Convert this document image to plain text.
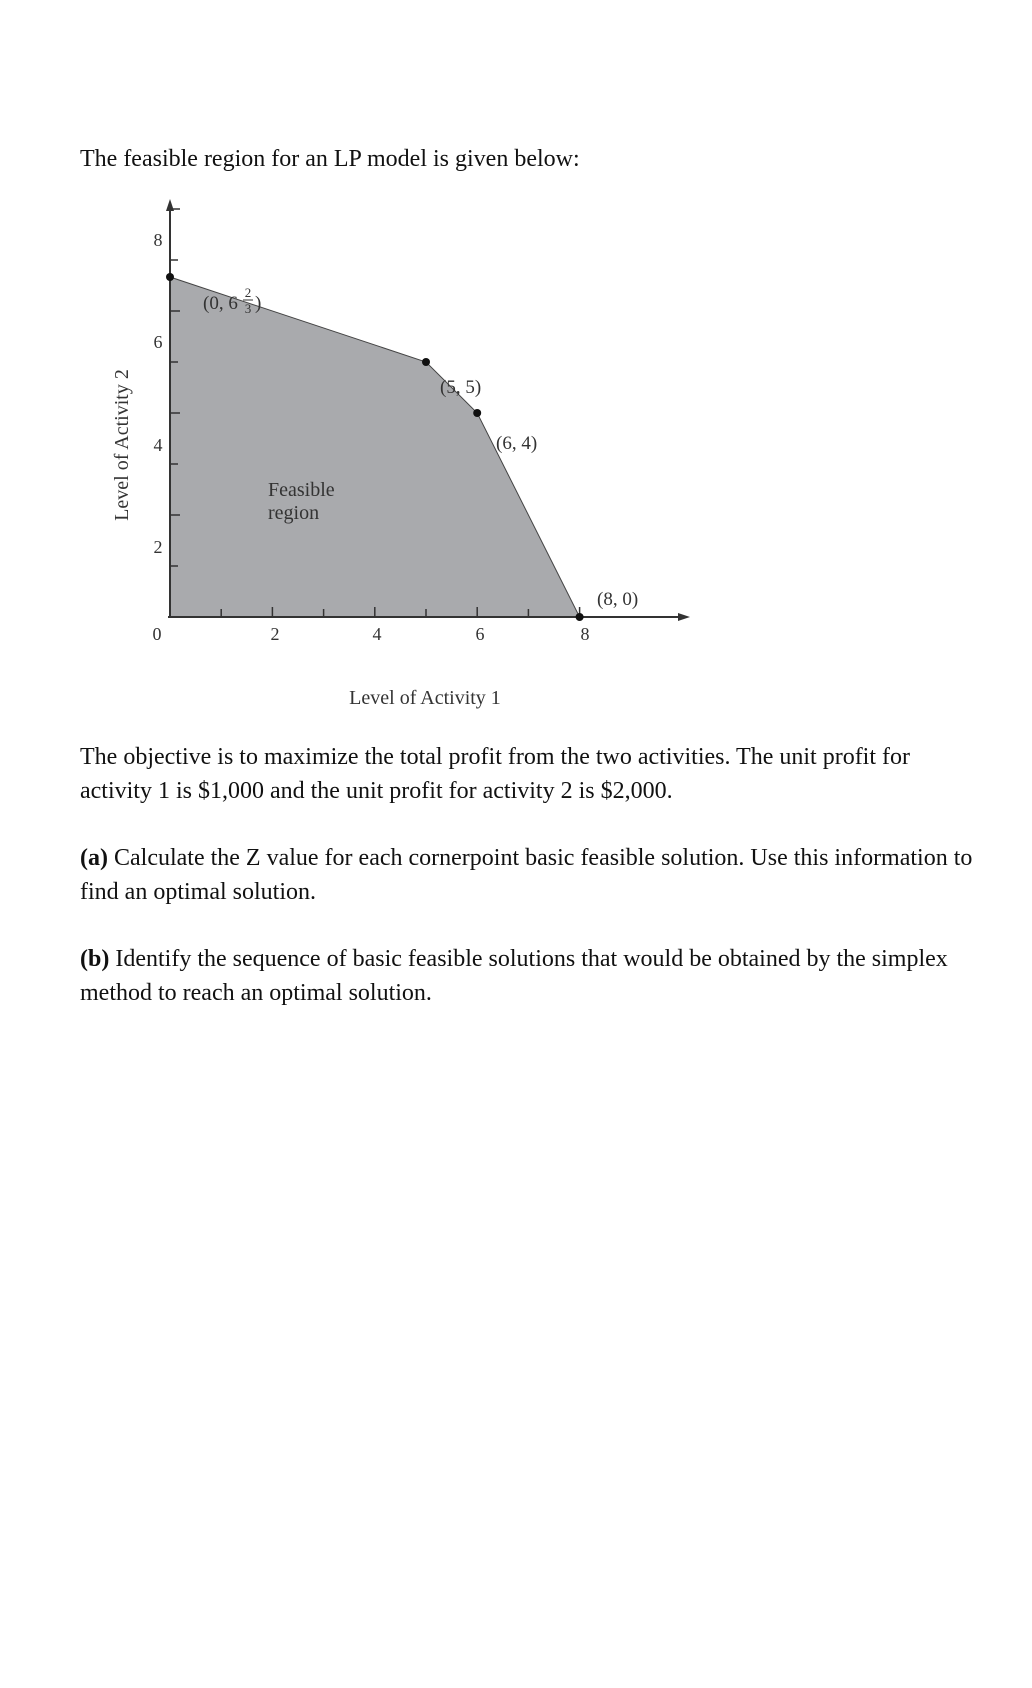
The feasible region for an LP model is given below:

0	2	4	6	8
2
4
6
8
Level of Activity 1
Level of Activity 2	Feasible
region
(0, 6
2
3 )
(5, 5)
(6, 4)
(8, 0)

The objective is to maximize the total profit from the two activities. The unit profit for activity 1 is $1,000 and the unit profit for activity 2 is $2,000.

(a) Calculate the Z value for each cornerpoint basic feasible solution. Use this information to find an optimal solution.

(b) Identify the sequence of basic feasible solutions that would be obtained by the simplex method to reach an optimal solution.
